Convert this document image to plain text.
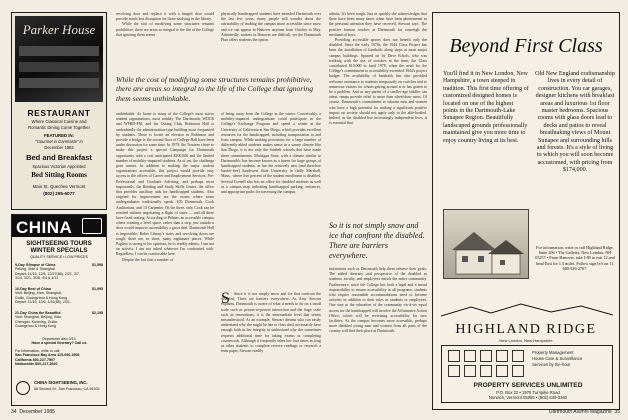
Parker House
RESTAURANT
Where Classical Cuisine and
Romantic Dining Come Together
FEATURED IN:
"Gourmet in Ganmaste" in
December 1983
Bed and Breakfast
Spacious Victorian Appointed
Bed Sitting Rooms
Main St. Quechee Vermont
(802) 295-6077
CHINA
SIGHTSEEING TOURS
WINTER SPECIALS
QUALITY SERVICE • LOW PRICES
9-Day Glimpse of China	$1,598
Peking, Xian & Shanghai
Depart: 11/15, 12/6, 12/27(86), 2/21, 3/7,
3/14, 3/21, 3/28, 4/4 & 4/11
16-Day Best of China	$1,995
Visit: Beijing, Xian, Shanghai,
Guilin, Guangzhou & Hong Kong
Depart: 11/15, 12/6, 1/31(86), 2/21,
21-Day China the Beautiful	$2,195
Visit: Shanghai, Beijing, Xian,
Chengdu, Kunming, Guilin,
Guangzhou & Hong Kong
Departures also 3/13
Have a special itinerary? Call us
For information, write or call
San Francisco Bay Area 415-696-1908
California 800-227-7997
Nationwide 800-227-3920
CHINA SIGHTSEEING, INC.
58 Second St., San Francisco, CA 94105

revolving door and replace it with a hinged door would provide much less disruption for those studying in the library.

While the cost of modifying some structures remains prohibitive, there are areas so integral to the life of the College that ignoring them seems

physically handicapped students have attended Dartmouth over the last few years, many people still wonder about the advisability of making the campus more accessible since snow and ice can appear in Hanover anytime from October to May. Admittedly, winters in Hanover are difficult, yet the Dartmouth Plan offers students the option

While the cost of modifying some structures remains prohibitive, there are areas so integral to the life of the College that ignoring them seems unthinkable.

unthinkable. As home to many of the College's most active student organizations, most notably The Dartmouth, WDCR and WFRD-FM, and the Outing Club, Robinson Hall is undoubtedly the administration-type building most frequented by students. There is locate an elevator in Robinson and provide a bridge to the second floor of College Hall have been under discussion for some time. In 1979, the Trustees chose to make this project a special Campaign for Dartmouth opportunity with a cost anticipated $200,000 and the limited number of mobility-impaired students. As of yet, the challenge goes unmet. In addition to making the major student organizations accessible, this project would provide easy access to the offices of Career and Employment Services, Pre-Professional and Graduate Advising, and perhaps most importantly, the Reading and Study Skills Center, the office that provides auxiliary aids for handicapped students. Also targeted for improvement are the rooms where some undergraduates traditionally speak, 105 Dartmouth, Cook Auditorium, and 13 Carpenter. Of the three, only Cook can be reached without negotiating a flight of stairs — and all three have fixed seating. According to Palmer, an accessible campus where creating a level space, rather than a step, just outside a door would improve accessibility a great deal. Dartmouth Hall is impossible; Baker Library's stairs and revolving doors are tough; there are, in short, many nightmare places. While Paglino is strong in his opinions, he is readily admits, I am not an activist. I am not asked whatever I'm confronted with. Regardless, I can be comfortable here.

Despite the fact that a number of

of being away from the College in the winter. Conceivably, a mobility-impaired undergraduate could participate in the College's Exchange Program and spend a winter at the University of California at San Diego, which provides excellent resources for the handicapped, including transportation to and from campus. While making provisions for a large number of differently-abled students makes sense in a sunny climate like San Diego, it is not only the Sunbelt schools that have made these commitments. Michigan State, with a climate similar to Dartmouth's, has become known as a haven for large groups of handicapped students, as has the relatively new (and therefore barrier-free) Southwest State University in chilly Marshall, Minn., where five percent of the student enrollment is disabled. Several Cornell also has an office for disabled students as well as a campus map indicating handicapped parking, entrances, and appropriate paths for traversing the campus.

S	Since it is not simply snow and ice that confront the disabled, There are barriers everywhere. As Amy Stewart explains, Dartmouth is aware of what it needs to do on a small scale such as person-to-person interaction and the large scale such as renovations; it is the intermediate level that seems misunderstood. As an example, Stewart dreams who can easily understand why she might be late to class don't necessarily have enough faith in her integrity to understand why she sometimes requests additional time for taking exams or completing coursework. Although it frequently takes her four times as long as other students to complete reserve readings or research a term paper, Stewart readily

admits, It's been tough. Just as quickly she acknowledges that there have been many times when have been phenomenal in the personal attention they have received, Stewart says. The positive human touches at Dartmouth far outweigh the mechanical lows.

Providing accessible spaces does not benefit only the disabled. Since the early 1970s, the 1944 Class Project has been the installation of handrails along steps at most major campus buildings. Spurred on by Dave Echols, who was walking with the use of crutches at the time, the Class contributed $10,000 to fund 1978, when the need for the College's commitment to accessibility exceeded 1944's project budget. The availability of handrails has also provided welcome assistance to students temporarily on crutches and to numerous visitors for whom getting around is or has gotten to be a problem. And as any parent of a stroller-age toddler can attest, ramps provide relief to more than wheelchair users. Of course, Dartmouth's commitment to educate men and women who have a high potential for making a significant positive impact on society should not apply only to the able-bodied. Indeed, as the disabled live increasingly independent lives, it is essential that

So it is not simply snow and ice that confront the disabled. There are barriers everywhere.

institutions such as Dartmouth help them achieve their goals. The added diversity and perspective of the disabled as students, faculty, and employees enrich the entire community. Furthermore, since the College has both a legal and a moral responsibility to ensure accessibility in all programs, students who require reasonable accommodations need to become activists in addition to their roles as students or employees. One step in the education of the community vis-à-vis equal access for the handicapped will involve the Affirmative Action Office, which will be reviewing accessibility for new facilities. As the campus becomes more accessible, perhaps more disabled young men and women from all parts of the country will find their place at Dartmouth.

Beyond First Class
You'll find it in New London, New Hampshire, a town steeped in tradition. This first time offering of customized designed homes is located on one of the highest points in the Dartmouth-Lake Sunapee Region. Beautifully landscaped grounds professionally maintained give you more time to enjoy country living at its best.
Old New England craftsmanship lives in every detail of construction. You car garages, designer kitchens with breakfast areas and luxurious 1st floor master bedrooms. Spacious rooms with glass doors lead to decks and patios to reveal breathtaking views of Mount Sunapee and surrounding hills and forests. It's a style of living to which you will soon become accustomed, with pricing from $174,000.
For information, write or call Highland Ridge, Suite 206 • The Galleria, New London, NH 03257 • From Hanover, take I-89 to exit 12 and head East for 1.5 miles. Follow sign left on 11. 600-526-2707.
HIGHLAND RIDGE
New London, New Hampshire
Property Management
House Care & Surveillance
Services by the-hour
PROPERTY SERVICES UNLIMITED
P.O. Box 22 • 1976 Turnpike Road
Norwich, Vermont 05055 • (802) 649-3360
34 December 1985	Dartmouth Alumni Magazine 35
